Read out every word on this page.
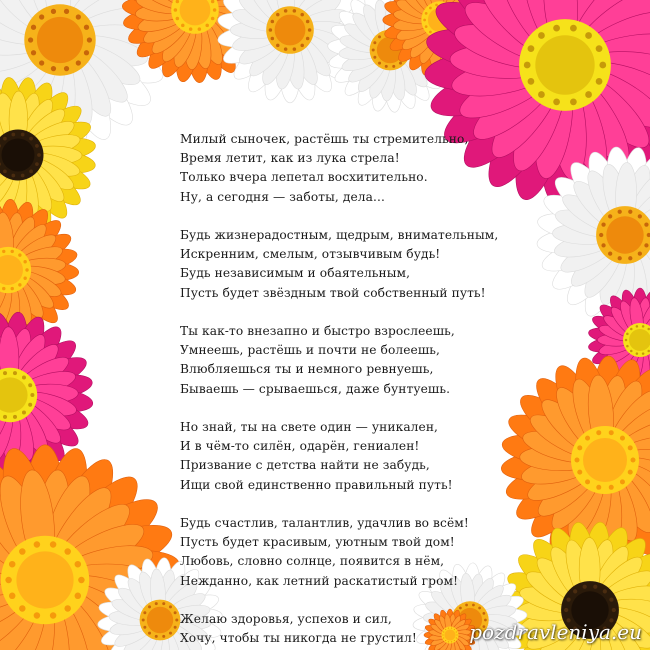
Милый сыночек, растёшь ты стремительно,
Время летит, как из лука стрела!
Только вчера лепетал восхитительно.
Ну, а сегодня — заботы, дела...
Будь жизнерадостным, щедрым, внимательным,
Искренним, смелым, отзывчивым будь!
Будь независимым и обаятельным,
Пусть будет звёздным твой собственный путь!
Ты как-то внезапно и быстро взрослеешь,
Умнеешь, растёшь и почти не болеешь,
Влюбляешься ты и немного ревнуешь,
Бываешь — срываешься, даже бунтуешь.
Но знай, ты на свете один — уникален,
И в чём-то силён, одарён, гениален!
Призвание с детства найти не забудь,
Ищи свой единственно правильный путь!
Будь счастлив, талантлив, удачлив во всём!
Пусть будет красивым, уютным твой дом!
Любовь, словно солнце, появится в нём,
Нежданно, как летний раскатистый гром!
Желаю здоровья, успехов и сил,
Хочу, чтобы ты никогда не грустил!	pozdravleniya.eu
